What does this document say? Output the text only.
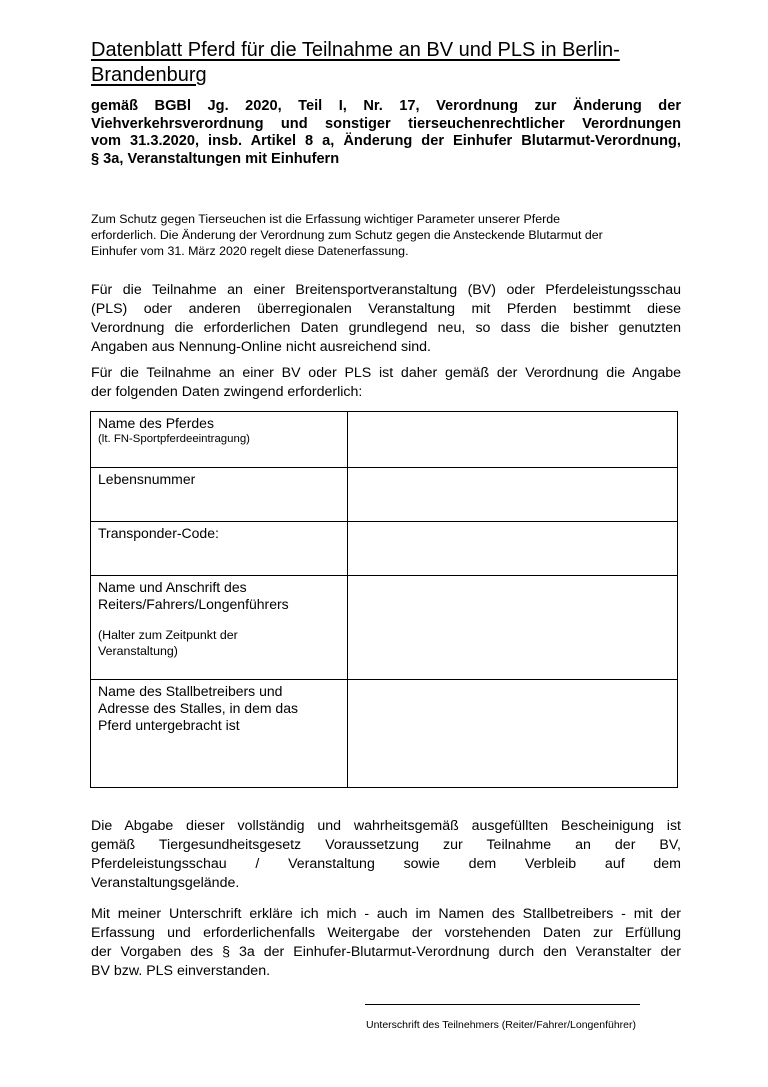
Datenblatt Pferd für die Teilnahme an BV und PLS in Berlin-
Brandenburg
gemäß BGBl Jg. 2020, Teil I, Nr. 17, Verordnung zur Änderung der
Viehverkehrsverordnung und sonstiger tierseuchenrechtlicher Verordnungen
vom 31.3.2020, insb. Artikel 8 a, Änderung der Einhufer Blutarmut-Verordnung,
§ 3a, Veranstaltungen mit Einhufern
Zum Schutz gegen Tierseuchen ist die Erfassung wichtiger Parameter unserer Pferde
erforderlich. Die Änderung der Verordnung zum Schutz gegen die Ansteckende Blutarmut der
Einhufer vom 31. März 2020 regelt diese Datenerfassung.
Für die Teilnahme an einer Breitensportveranstaltung (BV) oder Pferdeleistungsschau
(PLS) oder anderen überregionalen Veranstaltung mit Pferden bestimmt diese
Verordnung die erforderlichen Daten grundlegend neu, so dass die bisher genutzten
Angaben aus Nennung-Online nicht ausreichend sind.
Für die Teilnahme an einer BV oder PLS ist daher gemäß der Verordnung die Angabe
der folgenden Daten zwingend erforderlich:
Name des Pferdes
(lt. FN-Sportpferdeeintragung)	

Lebensnummer	
Transponder-Code:	

Name und Anschrift des
Reiters/Fahrers/Longenführers
(Halter zum Zeitpunkt der
Veranstaltung)	

Name des Stallbetreibers und
Adresse des Stalles, in dem das
Pferd untergebracht ist	

Die Abgabe dieser vollständig und wahrheitsgemäß ausgefüllten Bescheinigung ist
gemäß Tiergesundheitsgesetz Voraussetzung zur Teilnahme an der BV,
Pferdeleistungsschau / Veranstaltung sowie dem Verbleib auf dem
Veranstaltungsgelände.
Mit meiner Unterschrift erkläre ich mich - auch im Namen des Stallbetreibers - mit der
Erfassung und erforderlichenfalls Weitergabe der vorstehenden Daten zur Erfüllung
der Vorgaben des § 3a der Einhufer-Blutarmut-Verordnung durch den Veranstalter der
BV bzw. PLS einverstanden.
Unterschrift des Teilnehmers (Reiter/Fahrer/Longenführer)
